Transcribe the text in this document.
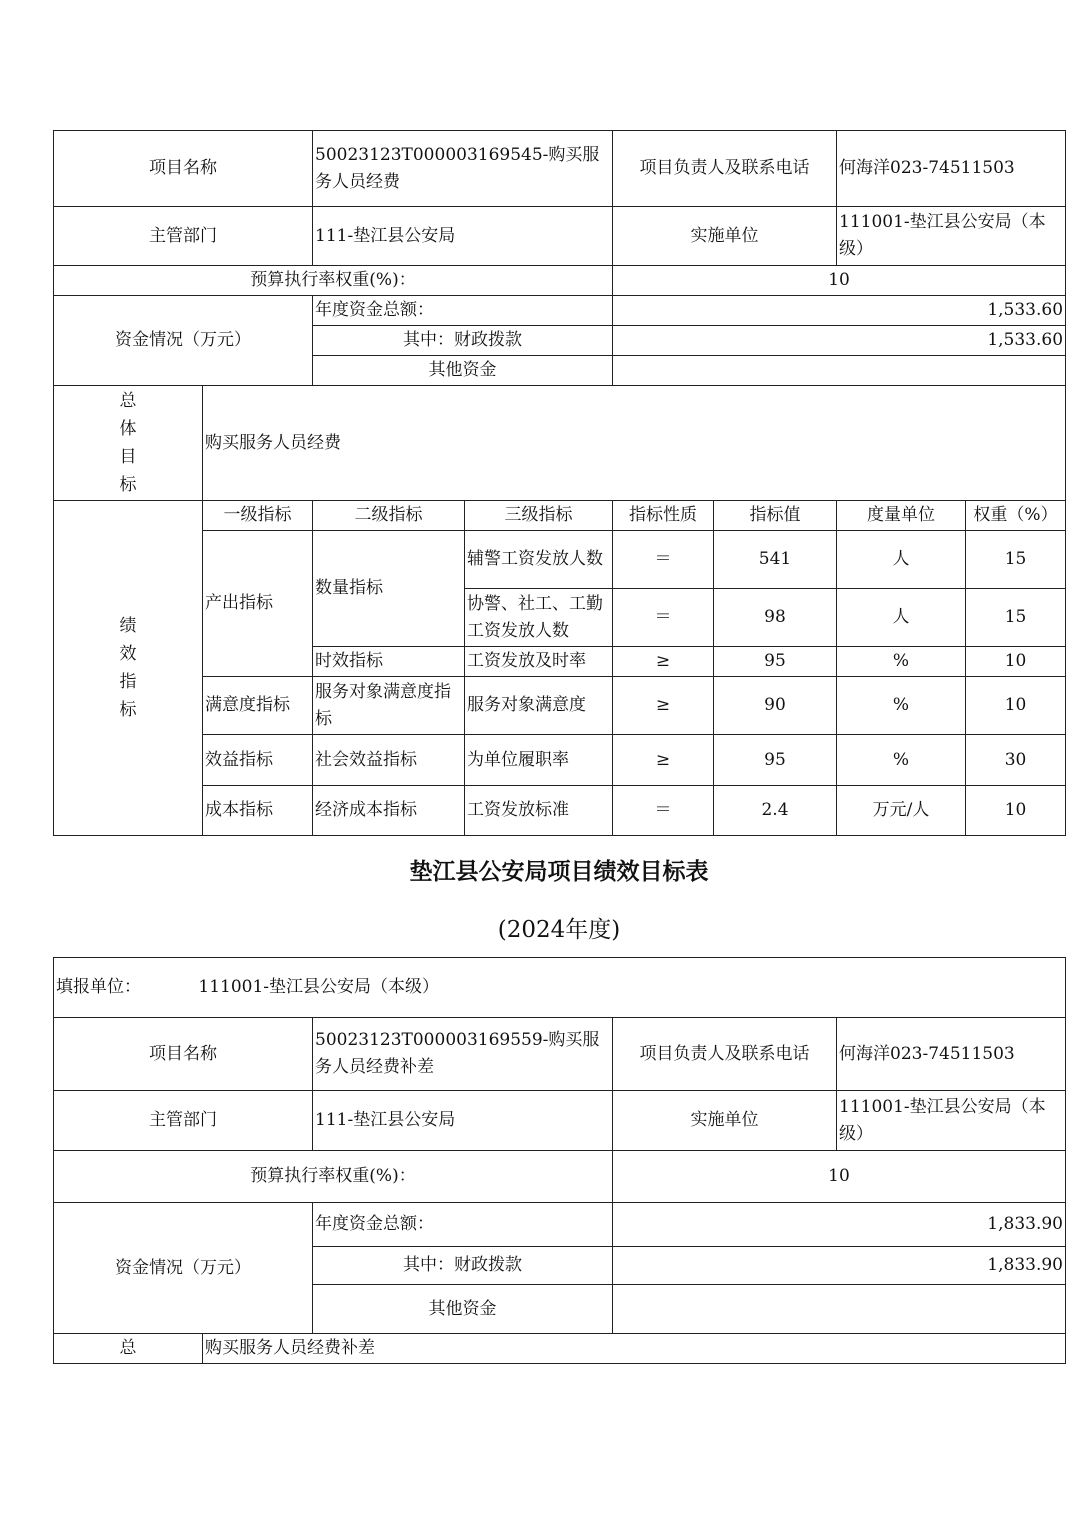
项目名称		50023123T000003169545-购买服务人员经费		项目负责人及联系电话		何海洋023-74511503	
主管部门		111-垫江县公安局		实施单位		111001-垫江县公安局（本级）	
预算执行率权重(%)：				10			
资金情况（万元）		年度资金总额：		1,533.60			
		其中：财政拨款		1,533.60			
		其他资金					

总
体
目
标	购买服务人员经费						

绩
效
指
标	一级指标	二级指标	三级指标	指标性质	指标值	度量单位	权重（%）
	产出指标	数量指标	辅警工资发放人数	＝	541	人	15
			协警、社工、工勤工资发放人数	＝	98	人	15
		时效指标	工资发放及时率	≥	95	%	10
	满意度指标	服务对象满意度指标	服务对象满意度	≥	90	%	10
	效益指标	社会效益指标	为单位履职率	≥	95	%	30
	成本指标	经济成本指标	工资发放标准	＝	2.4	万元/人	10
垫江县公安局项目绩效目标表
(2024年度)
填报单位： 111001-垫江县公安局（本级）				
项目名称		50023123T000003169559-购买服务人员经费补差	项目负责人及联系电话	何海洋023-74511503
主管部门		111-垫江县公安局	实施单位	111001-垫江县公安局（本级）
预算执行率权重(%)：			10	
资金情况（万元）		年度资金总额：	1,833.90	
		其中：财政拨款	1,833.90	
		其他资金		
总	购买服务人员经费补差			
